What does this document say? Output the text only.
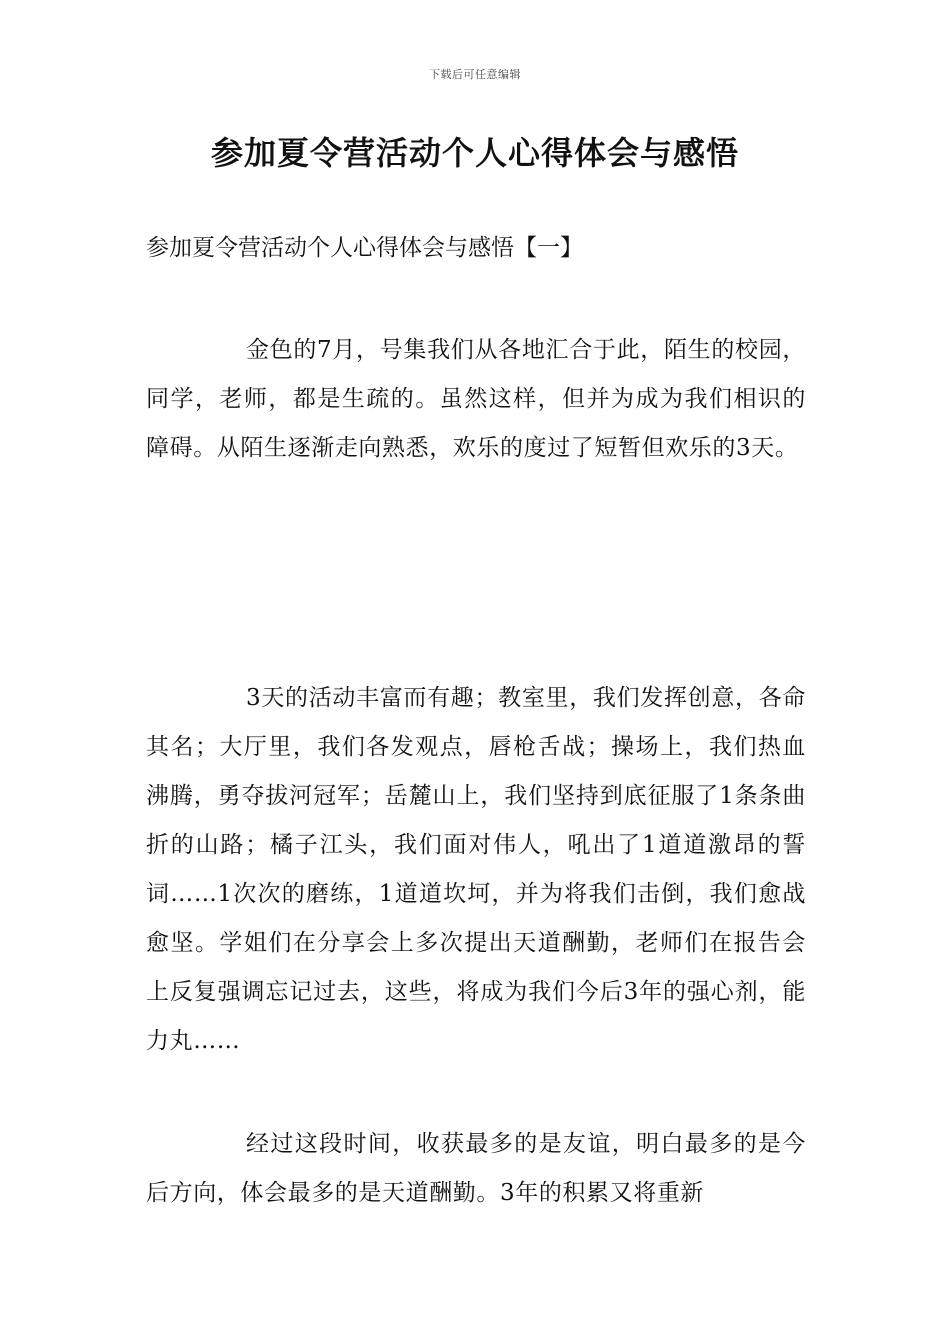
下载后可任意编辑
参加夏令营活动个人心得体会与感悟
参加夏令营活动个人心得体会与感悟【一】

金色的7月，号集我们从各地汇合于此，陌生的校园，同学，老师，都是生疏的。虽然这样，但并为成为我们相识的障碍。从陌生逐渐走向熟悉，欢乐的度过了短暂但欢乐的3天。

3天的活动丰富而有趣；教室里，我们发挥创意，各命其名；大厅里，我们各发观点，唇枪舌战；操场上，我们热血沸腾，勇夺拔河冠军；岳麓山上，我们坚持到底征服了1条条曲折的山路；橘子江头，我们面对伟人，吼出了1道道激昂的誓词……1次次的磨练，1道道坎坷，并为将我们击倒，我们愈战愈坚。学姐们在分享会上多次提出天道酬勤，老师们在报告会上反复强调忘记过去，这些，将成为我们今后3年的强心剂，能力丸……

经过这段时间，收获最多的是友谊，明白最多的是今后方向，体会最多的是天道酬勤。3年的积累又将重新
